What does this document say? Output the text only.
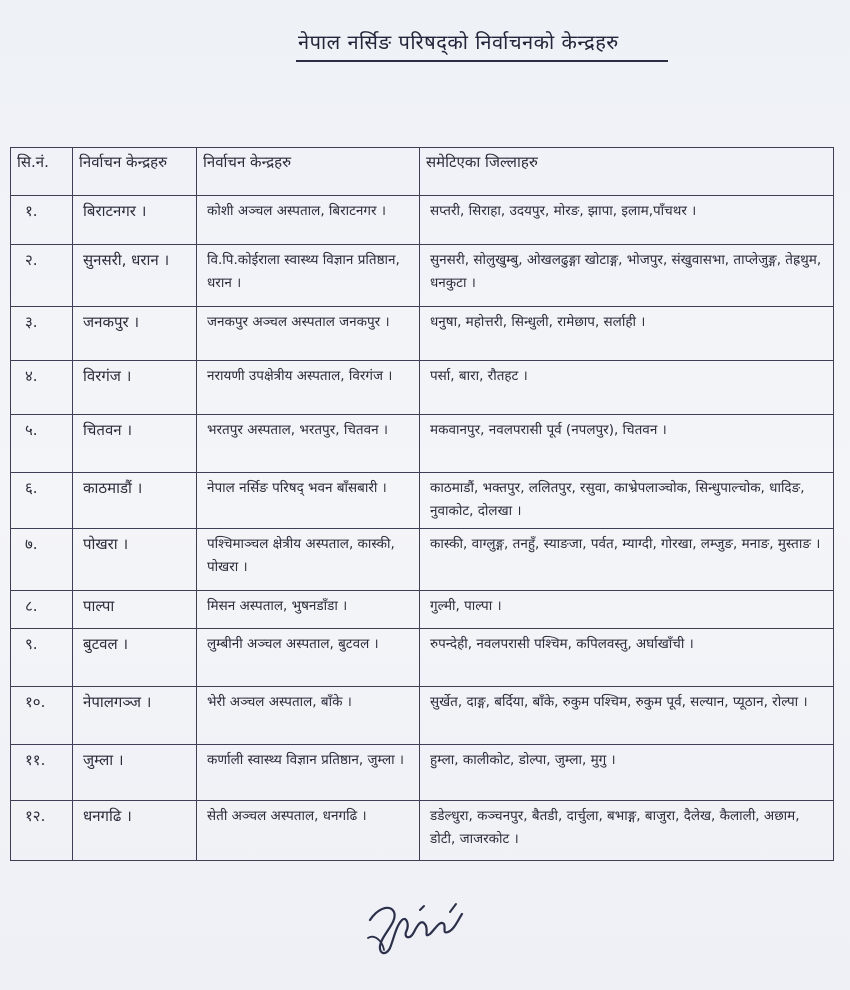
नेपाल नर्सिङ परिषद्को निर्वाचनको केन्द्रहरु
सि.नं.	निर्वाचन केन्द्रहरु	निर्वाचन केन्द्रहरु	समेटिएका जिल्लाहरु
१.	बिराटनगर ।	कोशी अञ्चल अस्पताल, बिराटनगर ।	सप्तरी, सिराहा, उदयपुर, मोरङ, झापा, इलाम,पाँचथर ।
२.	सुनसरी, धरान ।	वि.पि.कोईराला स्वास्थ्य विज्ञान प्रतिष्ठान, धरान ।	सुनसरी, सोलुखुम्बु, ओखलढुङ्गा खोटाङ्ग, भोजपुर, संखुवासभा, ताप्लेजुङ्ग, तेह्रथुम, धनकुटा ।
३.	जनकपुर ।	जनकपुर अञ्चल अस्पताल जनकपुर ।	धनुषा, महोत्तरी, सिन्धुली, रामेछाप, सर्लाही ।
४.	विरगंज ।	नरायणी उपक्षेत्रीय अस्पताल, विरगंज ।	पर्सा, बारा, रौतहट ।
५.	चितवन ।	भरतपुर अस्पताल, भरतपुर, चितवन ।	मकवानपुर, नवलपरासी पूर्व (नपलपुर), चितवन ।
६.	काठमाडौं ।	नेपाल नर्सिङ परिषद् भवन बाँसबारी ।	काठमाडौं, भक्तपुर, ललितपुर, रसुवा, काभ्रेपलाञ्चोक, सिन्धुपाल्चोक, धादिङ, नुवाकोट, दोलखा ।
७.	पोखरा ।	पश्चिमाञ्चल क्षेत्रीय अस्पताल, कास्की, पोखरा ।	कास्की, वाग्लुङ्ग, तनहुँ, स्याङजा, पर्वत, म्याग्दी, गोरखा, लम्जुङ, मनाङ, मुस्ताङ ।
८.	पाल्पा	मिसन अस्पताल, भुषनडाँडा ।	गुल्मी, पाल्पा ।
९.	बुटवल ।	लुम्बीनी अञ्चल अस्पताल, बुटवल ।	रुपन्देही, नवलपरासी पश्चिम, कपिलवस्तु, अर्घाखाँची ।
१०.	नेपालगञ्ज ।	भेरी अञ्चल अस्पताल, बाँके ।	सुर्खेत, दाङ्ग, बर्दिया, बाँके, रुकुम पश्चिम, रुकुम पूर्व, सल्यान, प्यूठान, रोल्पा ।
११.	जुम्ला ।	कर्णाली स्वास्थ्य विज्ञान प्रतिष्ठान, जुम्ला ।	हुम्ला, कालीकोट, डोल्पा, जुम्ला, मुगु ।
१२.	धनगढि ।	सेती अञ्चल अस्पताल, धनगढि ।	डडेल्धुरा, कञ्चनपुर, बैतडी, दार्चुला, बभाङ्ग, बाजुरा, दैलेख, कैलाली, अछाम, डोटी, जाजरकोट ।
